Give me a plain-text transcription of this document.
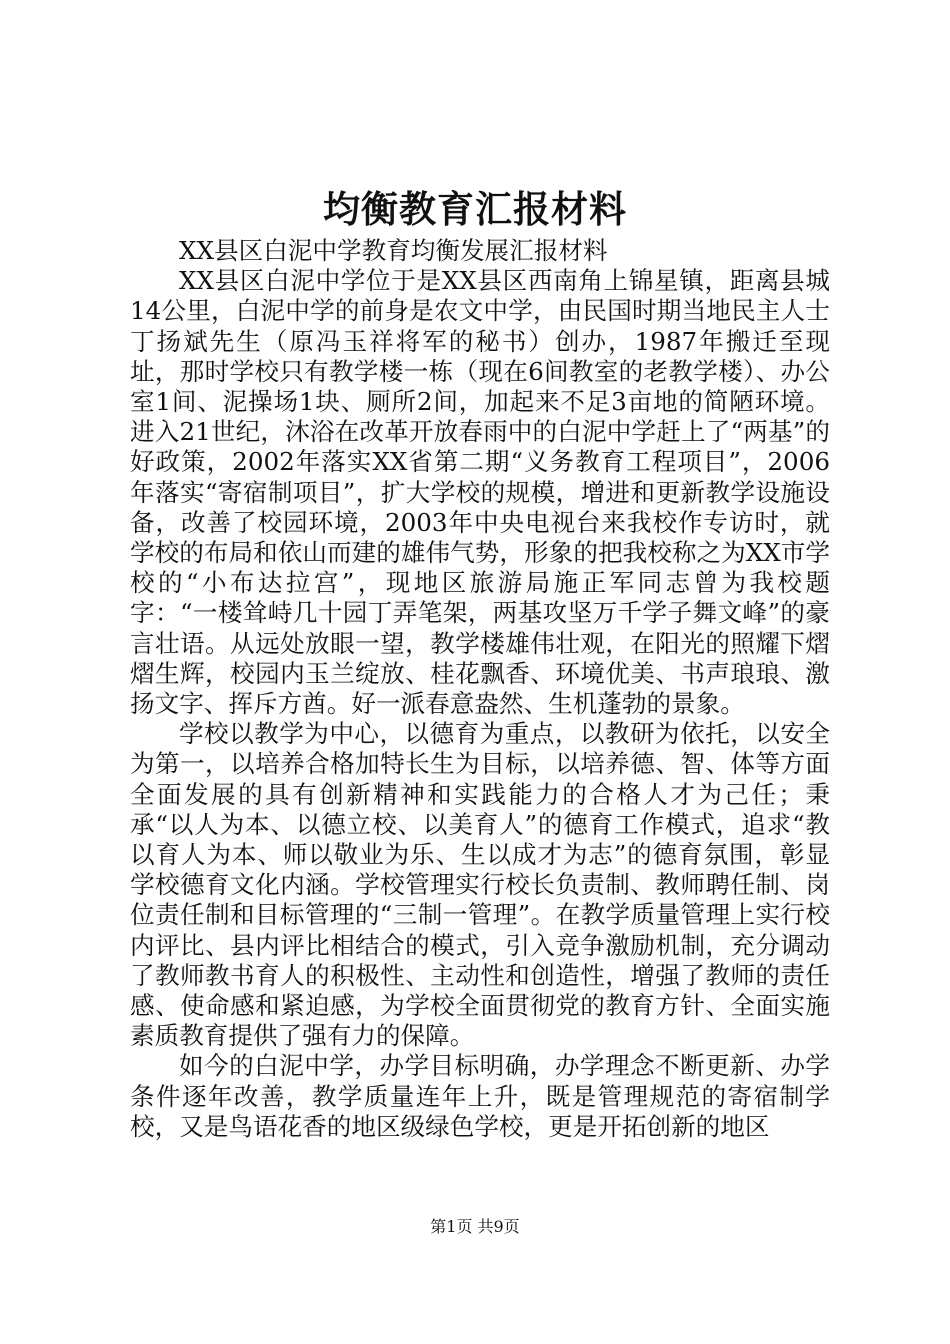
均衡教育汇报材料

XX县区白泥中学教育均衡发展汇报材料

XX县区白泥中学位于是XX县区西南角上锦星镇，距离县城14公里，白泥中学的前身是农文中学，由民国时期当地民主人士丁扬斌先生（原冯玉祥将军的秘书）创办，1987年搬迁至现址，那时学校只有教学楼一栋（现在6间教室的老教学楼）、办公室1间、泥操场1块、厕所2间，加起来不足3亩地的简陋环境。进入21世纪，沐浴在改革开放春雨中的白泥中学赶上了“两基”的好政策，2002年落实XX省第二期“义务教育工程项目”，2006年落实“寄宿制项目”，扩大学校的规模，增进和更新教学设施设备，改善了校园环境，2003年中央电视台来我校作专访时，就学校的布局和依山而建的雄伟气势，形象的把我校称之为XX市学校的“小布达拉宫”，现地区旅游局施正军同志曾为我校题字：“一楼耸峙几十园丁弄笔架，两基攻坚万千学子舞文峰”的豪言壮语。从远处放眼一望，教学楼雄伟壮观，在阳光的照耀下熠熠生辉，校园内玉兰绽放、桂花飘香、环境优美、书声琅琅、激扬文字、挥斥方酋。好一派春意盎然、生机蓬勃的景象。

学校以教学为中心，以德育为重点，以教研为依托，以安全为第一，以培养合格加特长生为目标，以培养德、智、体等方面全面发展的具有创新精神和实践能力的合格人才为己任；秉承“以人为本、以德立校、以美育人”的德育工作模式，追求“教以育人为本、师以敬业为乐、生以成才为志”的德育氛围，彰显学校德育文化内涵。学校管理实行校长负责制、教师聘任制、岗位责任制和目标管理的“三制一管理”。在教学质量管理上实行校内评比、县内评比相结合的模式，引入竞争激励机制，充分调动了教师教书育人的积极性、主动性和创造性，增强了教师的责任感、使命感和紧迫感，为学校全面贯彻党的教育方针、全面实施素质教育提供了强有力的保障。

如今的白泥中学，办学目标明确，办学理念不断更新、办学条件逐年改善，教学质量连年上升，既是管理规范的寄宿制学校，又是鸟语花香的地区级绿色学校，更是开拓创新的地区

第1页 共9页
